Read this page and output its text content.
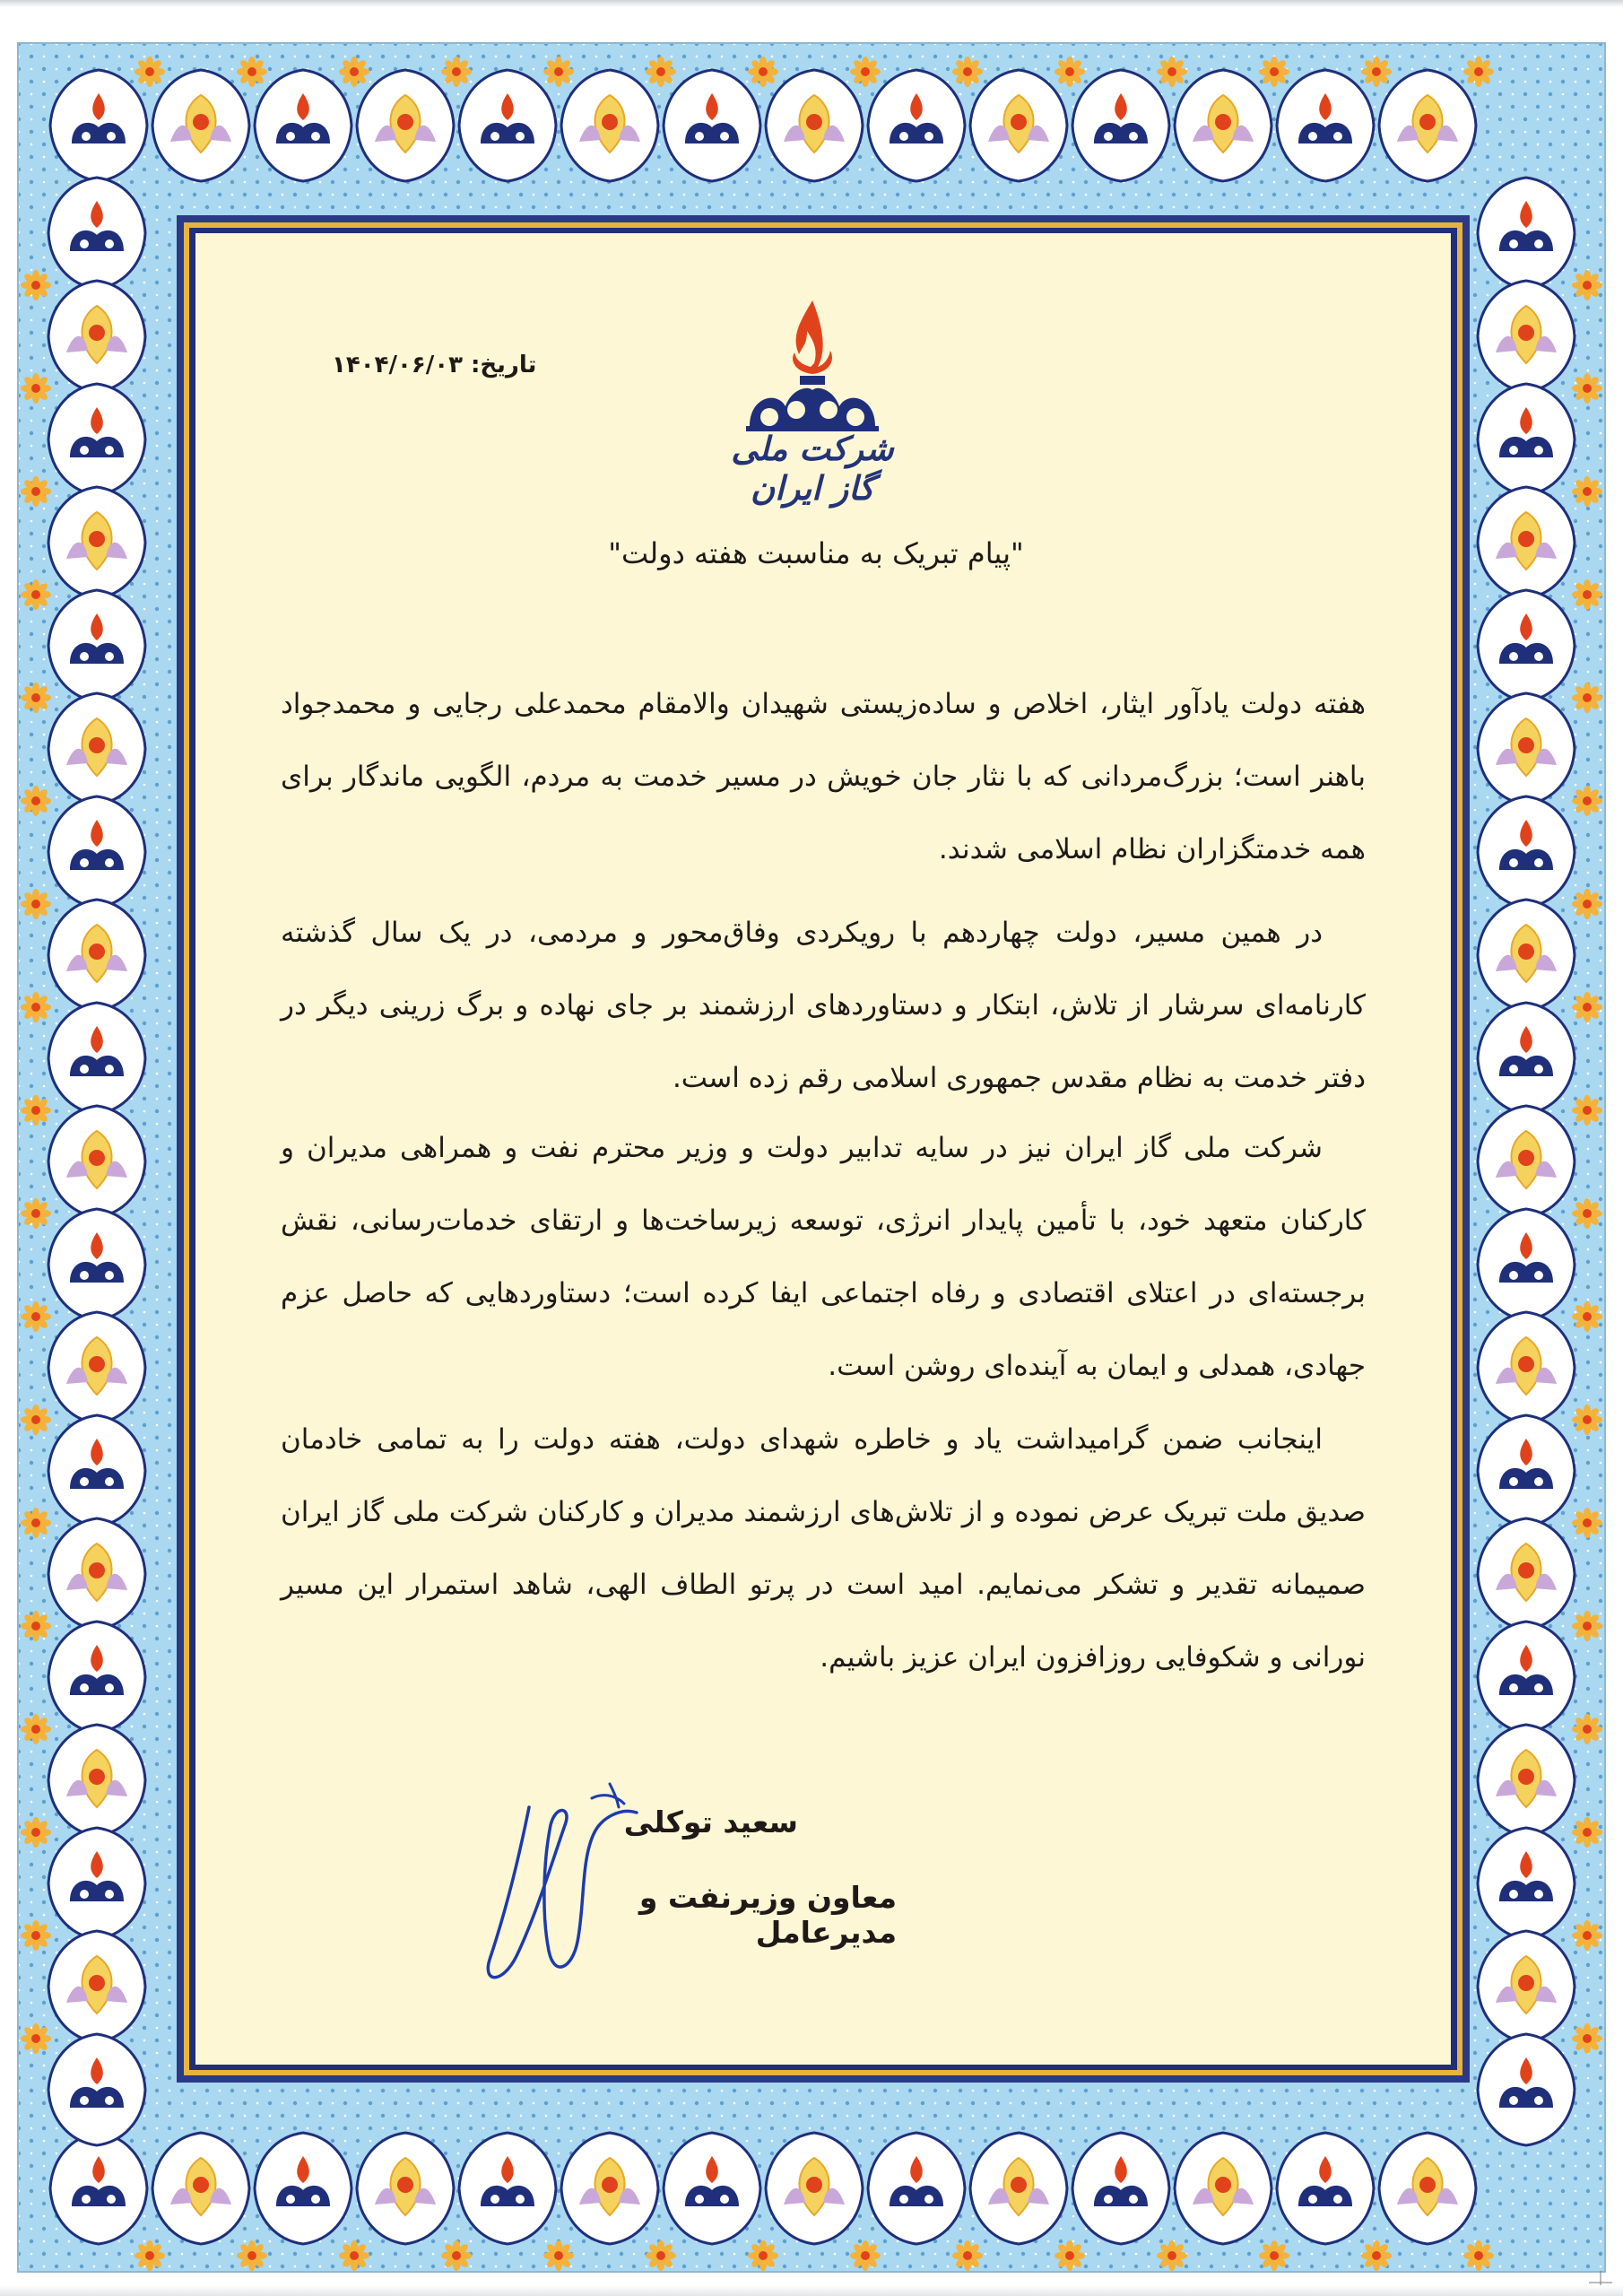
تاریخ: ۱۴۰۴/۰۶/۰۳
شرکت ملی گاز ایران
"پیام تبریک به مناسبت هفته دولت"

هفته دولت یادآور ایثار، اخلاص و ساده‌زیستی شهیدان والامقام محمدعلی رجایی و محمدجواد باهنر است؛ بزرگ‌مردانی که با نثار جان خویش در مسیر خدمت به مردم، الگویی ماندگار برای همه خدمتگزاران نظام اسلامی شدند.

در همین مسیر، دولت چهاردهم با رویکردی وفاق‌محور و مردمی، در یک سال گذشته کارنامه‌ای سرشار از تلاش، ابتکار و دستاوردهای ارزشمند بر جای نهاده و برگ زرینی دیگر در دفتر خدمت به نظام مقدس جمهوری اسلامی رقم زده است.

شرکت ملی گاز ایران نیز در سایه تدابیر دولت و وزیر محترم نفت و همراهی مدیران و کارکنان متعهد خود، با تأمین پایدار انرژی، توسعه زیرساخت‌ها و ارتقای خدمات‌رسانی، نقش برجسته‌ای در اعتلای اقتصادی و رفاه اجتماعی ایفا کرده است؛ دستاوردهایی که حاصل عزم جهادی، همدلی و ایمان به آینده‌ای روشن است.

اینجانب ضمن گرامیداشت یاد و خاطره شهدای دولت، هفته دولت را به تمامی خادمان صدیق ملت تبریک عرض نموده و از تلاش‌های ارزشمند مدیران و کارکنان شرکت ملی گاز ایران صمیمانه تقدیر و تشکر می‌نمایم. امید است در پرتو الطاف الهی، شاهد استمرار این مسیر نورانی و شکوفایی روزافزون ایران عزیز باشیم.

سعید توکلی
معاون وزیرنفت و مدیرعامل
